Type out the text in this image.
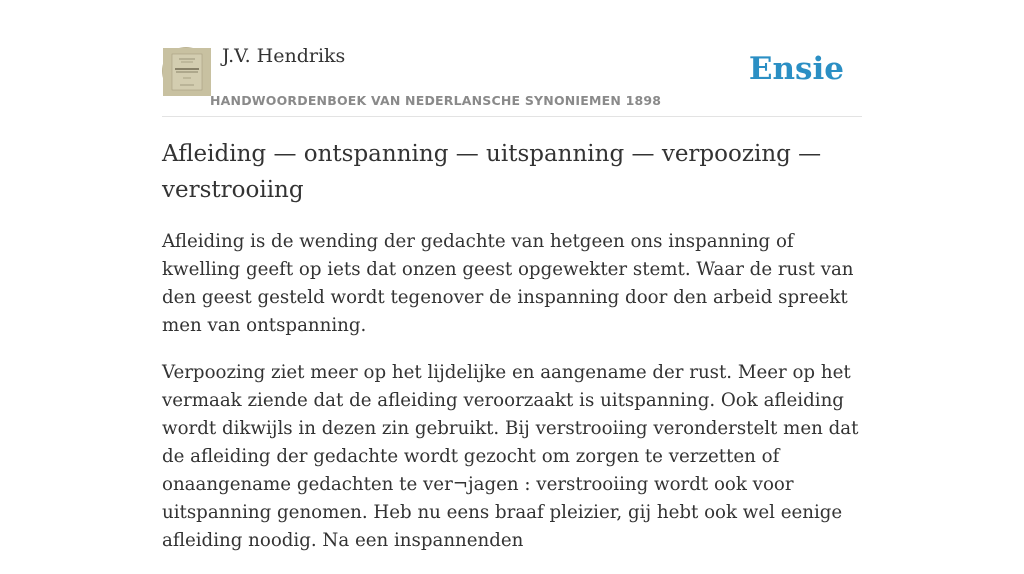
J.V. Hendriks
HANDWOORDENBOEK VAN NEDERLANSCHE SYNONIEMEN 1898
Ensie
Afleiding — ontspanning — uitspanning — verpoozing — verstrooiing

Afleiding is de wending der gedachte van hetgeen ons inspanning of kwelling geeft op iets dat onzen geest opgewekter stemt. Waar de rust van den geest gesteld wordt tegenover de inspanning door den arbeid spreekt men van ontspanning.

Verpoozing ziet meer op het lijdelijke en aangename der rust. Meer op het vermaak ziende dat de afleiding veroorzaakt is uitspanning. Ook afleiding wordt dikwijls in dezen zin gebruikt. Bij verstrooiing veronderstelt men dat de afleiding der gedachte wordt gezocht om zorgen te verzetten of onaangename gedachten te ver¬jagen : verstrooiing wordt ook voor uitspanning genomen. Heb nu eens braaf pleizier, gij hebt ook wel eenige afleiding noodig. Na een inspannenden
